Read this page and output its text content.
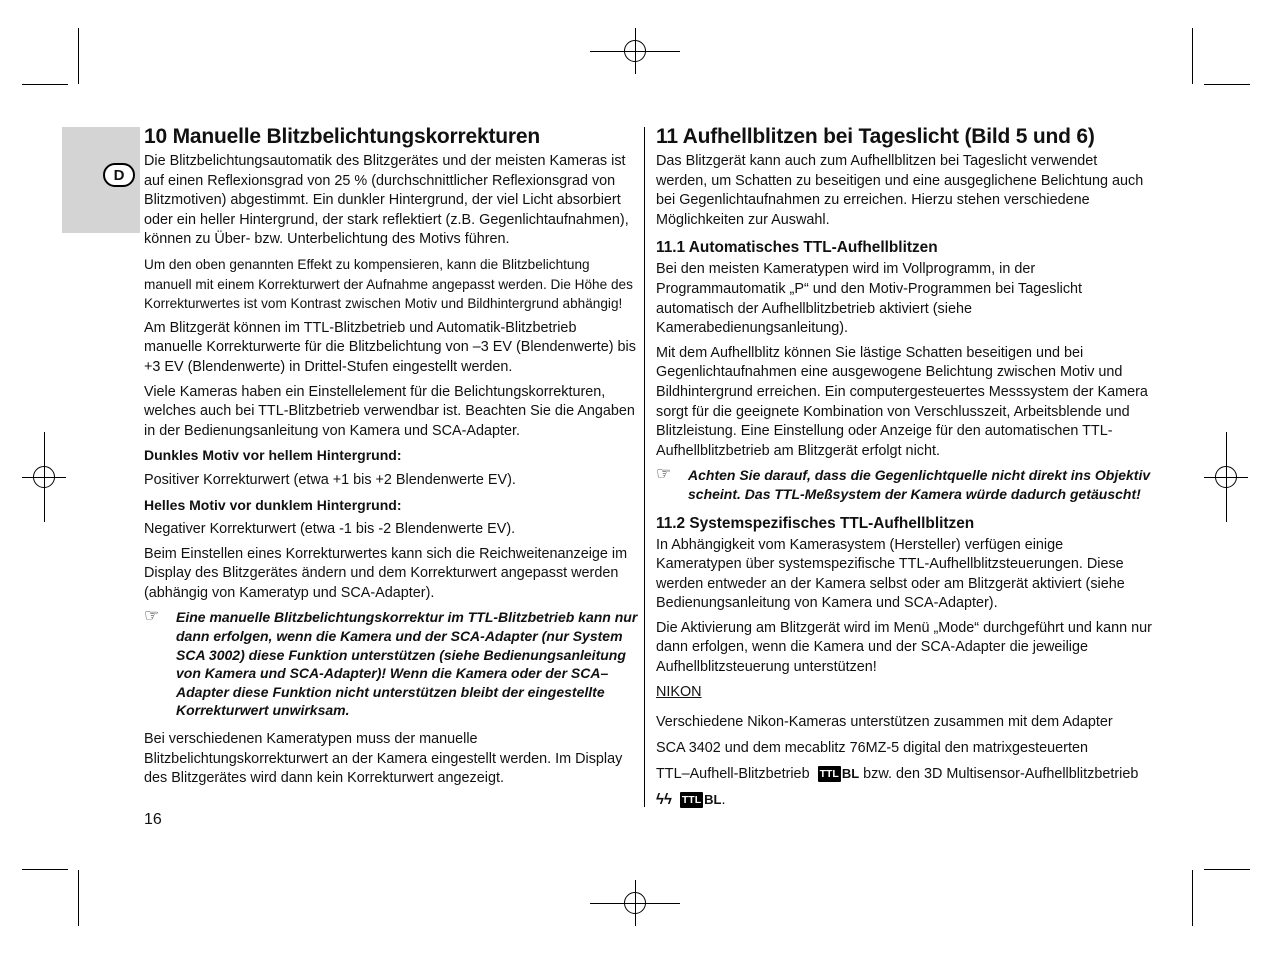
D
10 Manuelle Blitzbelichtungskorrekturen

Die Blitzbelichtungsautomatik des Blitzgerätes und der meisten Kameras ist auf einen Reflexionsgrad von 25 % (durchschnittlicher Reflexionsgrad von Blitzmotiven) abgestimmt. Ein dunkler Hintergrund, der viel Licht absorbiert oder ein heller Hintergrund, der stark reflektiert (z.B. Gegenlichtaufnahmen), können zu Über- bzw. Unterbelichtung des Motivs führen.

Um den oben genannten Effekt zu kompensieren, kann die Blitzbelichtung manuell mit einem Korrekturwert der Aufnahme angepasst werden. Die Höhe des Korrekturwertes ist vom Kontrast zwischen Motiv und Bildhintergrund abhängig!

Am Blitzgerät können im TTL-Blitzbetrieb und Automatik-Blitzbetrieb manuelle Korrekturwerte für die Blitzbelichtung von –3 EV (Blendenwerte) bis +3 EV (Blendenwerte) in Drittel-Stufen eingestellt werden.

Viele Kameras haben ein Einstellelement für die Belichtungskorrekturen, welches auch bei TTL-Blitzbetrieb verwendbar ist. Beachten Sie die Angaben in der Bedienungsanleitung von Kamera und SCA-Adapter.

Dunkles Motiv vor hellem Hintergrund:

Positiver Korrekturwert (etwa +1 bis +2 Blendenwerte EV).

Helles Motiv vor dunklem Hintergrund:

Negativer Korrekturwert (etwa -1 bis -2 Blendenwerte EV).

Beim Einstellen eines Korrekturwertes kann sich die Reichweitenanzeige im Display des Blitzgerätes ändern und dem Korrekturwert angepasst werden (abhängig von Kameratyp und SCA-Adapter).

☞ Eine manuelle Blitzbelichtungskorrektur im TTL-Blitzbetrieb kann nur dann erfolgen, wenn die Kamera und der SCA-Adapter (nur System SCA 3002) diese Funktion unterstützen (siehe Bedienungsanleitung von Kamera und SCA-Adapter)! Wenn die Kamera oder der SCA–Adapter diese Funktion nicht unterstützen bleibt der eingestellte Korrekturwert unwirksam.

Bei verschiedenen Kameratypen muss der manuelle Blitzbelichtungskorrekturwert an der Kamera eingestellt werden. Im Display des Blitzgerätes wird dann kein Korrekturwert angezeigt.

16
11 Aufhellblitzen bei Tageslicht (Bild 5 und 6)

Das Blitzgerät kann auch zum Aufhellblitzen bei Tageslicht verwendet werden, um Schatten zu beseitigen und eine ausgeglichene Belichtung auch bei Gegenlichtaufnahmen zu erreichen. Hierzu stehen verschiedene Möglichkeiten zur Auswahl.

11.1 Automatisches TTL-Aufhellblitzen

Bei den meisten Kameratypen wird im Vollprogramm, in der Programmautomatik „P“ und den Motiv-Programmen bei Tageslicht automatisch der Aufhellblitzbetrieb aktiviert (siehe Kamerabedienungsanleitung).

Mit dem Aufhellblitz können Sie lästige Schatten beseitigen und bei Gegenlichtaufnahmen eine ausgewogene Belichtung zwischen Motiv und Bildhintergrund erreichen. Ein computergesteuertes Messsystem der Kamera sorgt für die geeignete Kombination von Verschlusszeit, Arbeitsblende und Blitzleistung. Eine Einstellung oder Anzeige für den automatischen TTL-Aufhellblitzbetrieb am Blitzgerät erfolgt nicht.

☞ Achten Sie darauf, dass die Gegenlichtquelle nicht direkt ins Objektiv scheint. Das TTL-Meßsystem der Kamera würde dadurch getäuscht!
11.2 Systemspezifisches TTL-Aufhellblitzen

In Abhängigkeit vom Kamerasystem (Hersteller) verfügen einige Kameratypen über systemspezifische TTL-Aufhellblitzsteuerungen. Diese werden entweder an der Kamera selbst oder am Blitzgerät aktiviert (siehe Bedienungsanleitung von Kamera und SCA-Adapter).

Die Aktivierung am Blitzgerät wird im Menü „Mode“ durchgeführt und kann nur dann erfolgen, wenn die Kamera und der SCA-Adapter die jeweilige Aufhellblitzsteuerung unterstützen!

NIKON

Verschiedene Nikon-Kameras unterstützen zusammen mit dem Adapter

SCA 3402 und dem mecablitz 76MZ-5 digital den matrixgesteuerten

TTL–Aufhell-Blitzbetrieb TTL BL bzw. den 3D Multisensor-Aufhellblitzbetrieb

ϟϟ TTL BL.
